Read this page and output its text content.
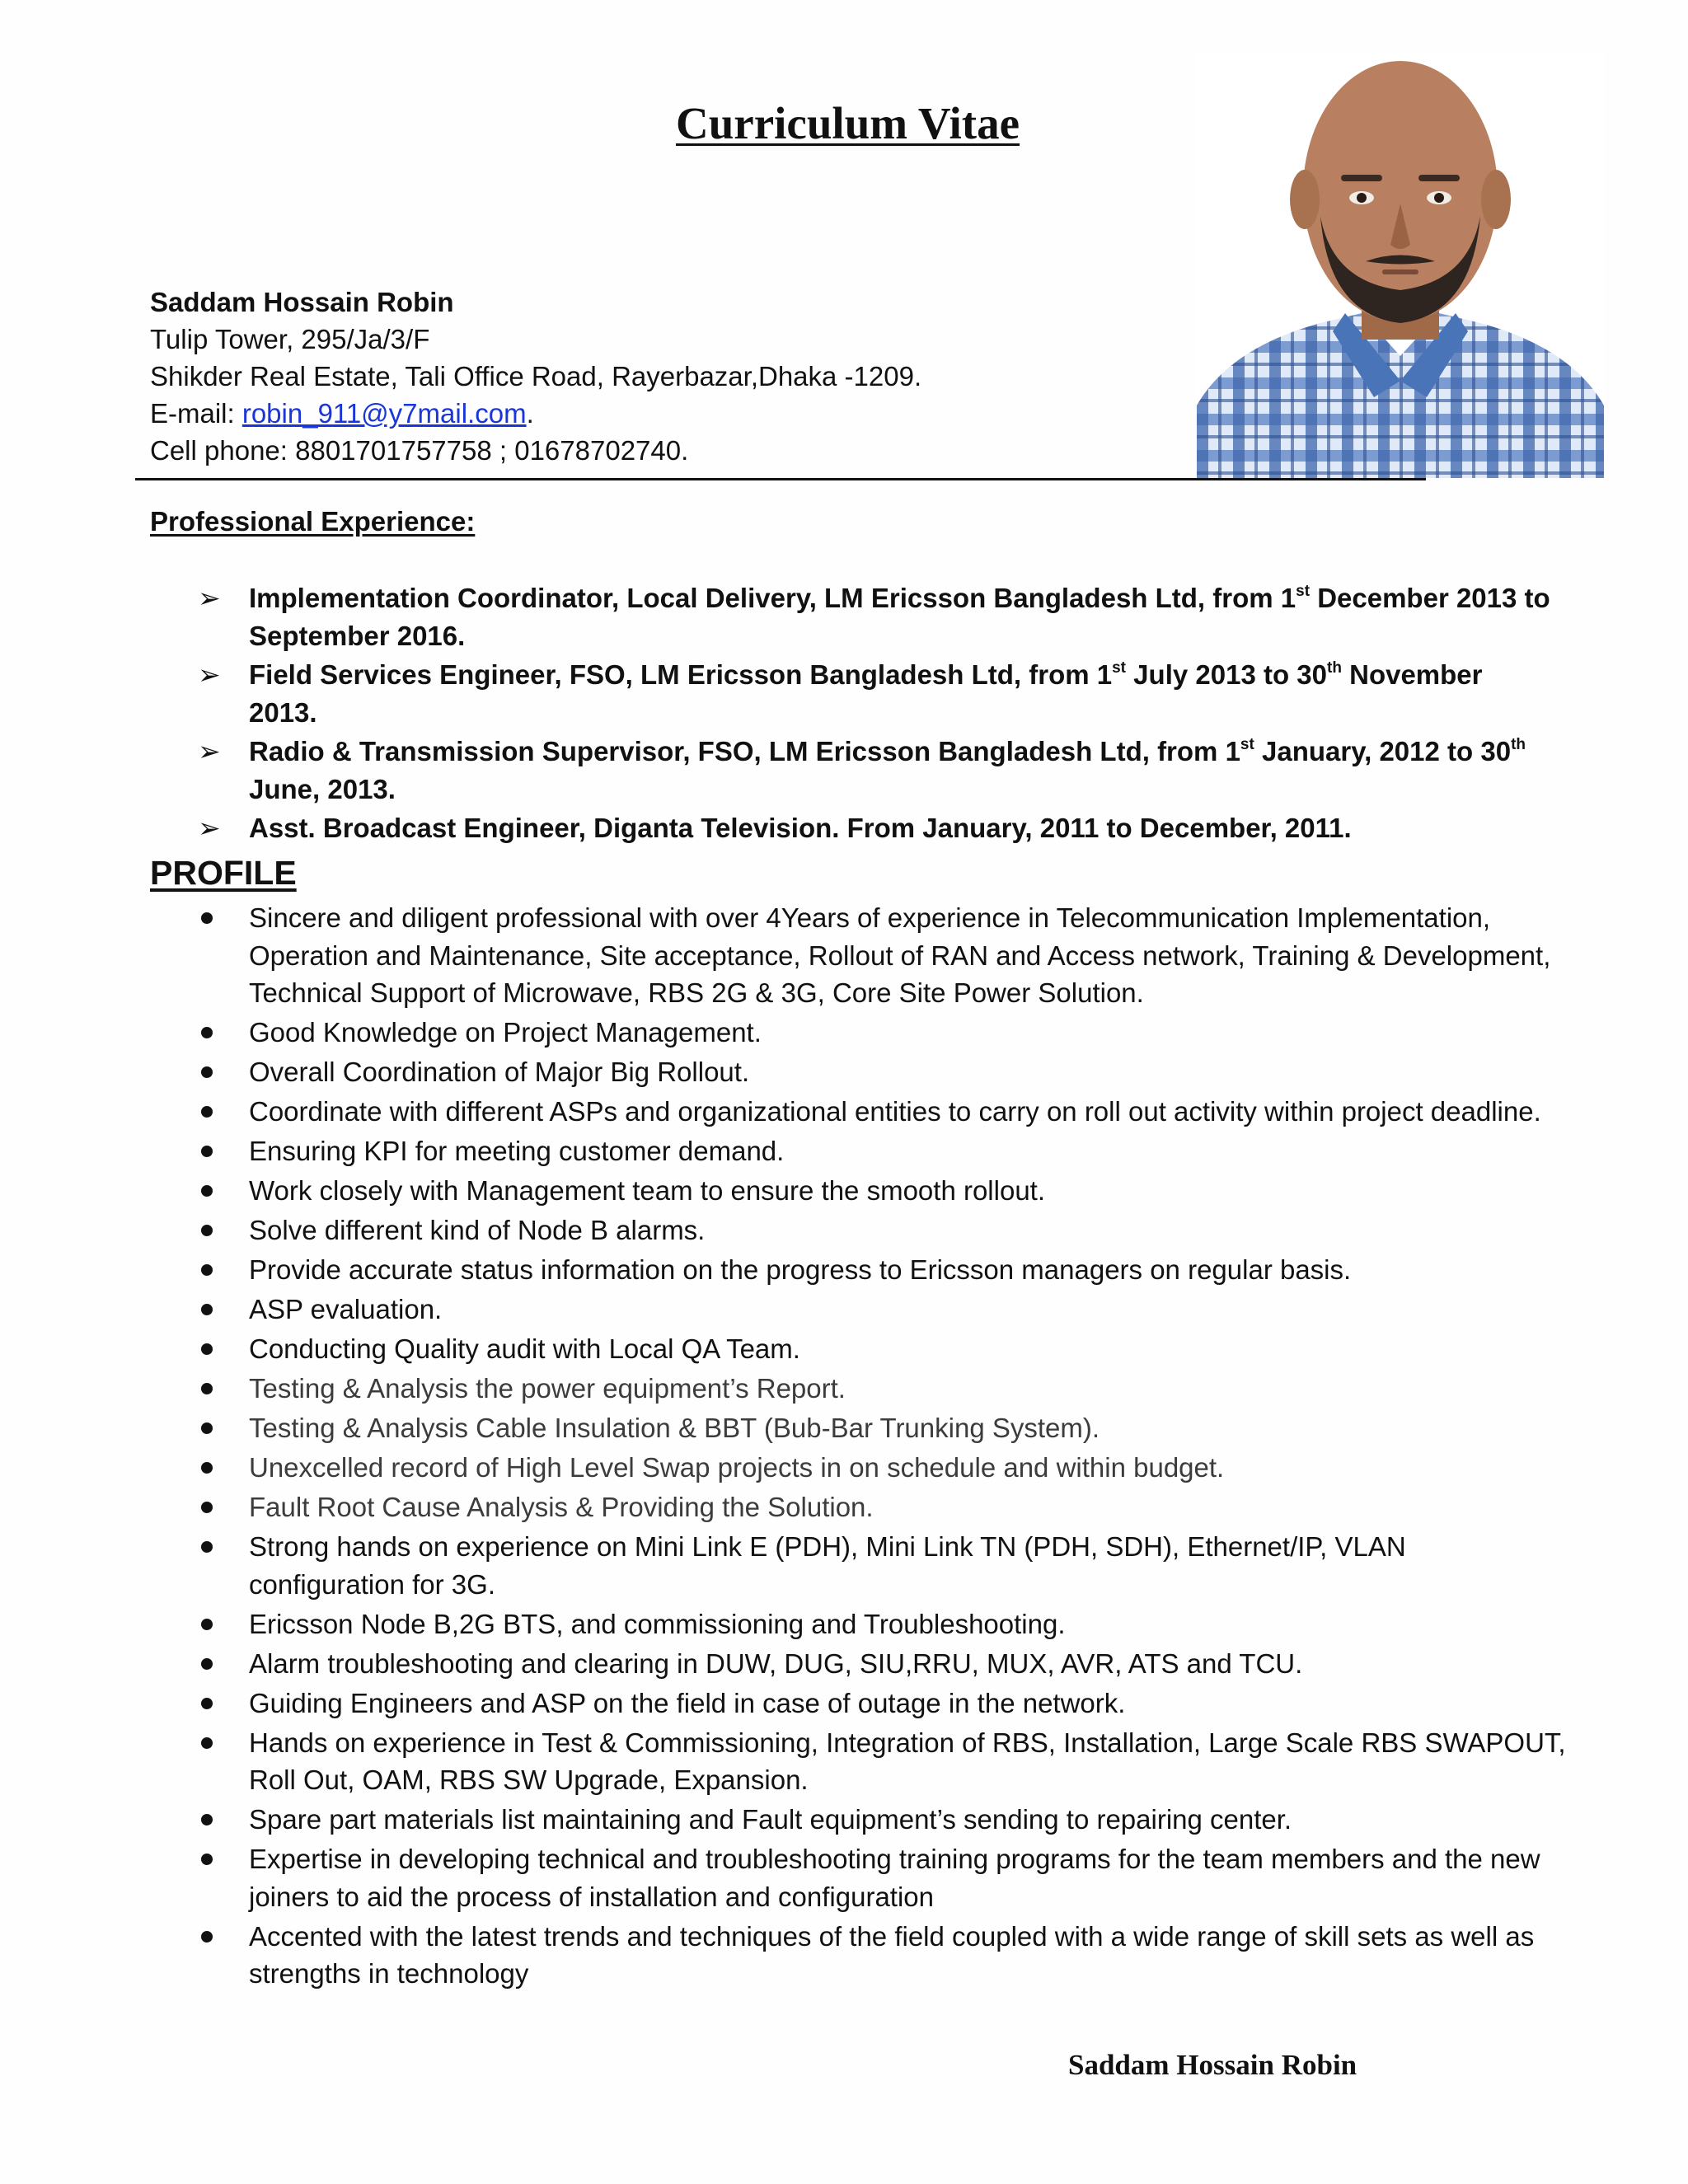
Curriculum Vitae
Saddam Hossain Robin
Tulip Tower, 295/Ja/3/F
Shikder Real Estate, Tali Office Road, Rayerbazar,Dhaka -1209.
E-mail: robin_911@y7mail.com.
Cell phone: 8801701757758 ; 01678702740.
Professional Experience:
➢ Implementation Coordinator, Local Delivery, LM Ericsson Bangladesh Ltd, from 1st December 2013 to September 2016.
➢ Field Services Engineer, FSO, LM Ericsson Bangladesh Ltd, from 1st July 2013 to 30th November 2013.
➢ Radio & Transmission Supervisor, FSO, LM Ericsson Bangladesh Ltd, from 1st January, 2012 to 30th June, 2013.
➢ Asst. Broadcast Engineer, Diganta Television. From January, 2011 to December, 2011.
PROFILE
Sincere and diligent professional with over 4Years of experience in Telecommunication Implementation, Operation and Maintenance, Site acceptance, Rollout of RAN and Access network, Training & Development, Technical Support of Microwave, RBS 2G & 3G, Core Site Power Solution.
Good Knowledge on Project Management.
Overall Coordination of Major Big Rollout.
Coordinate with different ASPs and organizational entities to carry on roll out activity within project deadline.
Ensuring KPI for meeting customer demand.
Work closely with Management team to ensure the smooth rollout.
Solve different kind of Node B alarms.
Provide accurate status information on the progress to Ericsson managers on regular basis.
ASP evaluation.
Conducting Quality audit with Local QA Team.
Testing & Analysis the power equipment’s Report.
Testing & Analysis Cable Insulation & BBT (Bub-Bar Trunking System).
Unexcelled record of High Level Swap projects in on schedule and within budget.
Fault Root Cause Analysis & Providing the Solution.
Strong hands on experience on Mini Link E (PDH), Mini Link TN (PDH, SDH), Ethernet/IP, VLAN configuration for 3G.
Ericsson Node B,2G BTS, and commissioning and Troubleshooting.
Alarm troubleshooting and clearing in DUW, DUG, SIU,RRU, MUX, AVR, ATS and TCU.
Guiding Engineers and ASP on the field in case of outage in the network.
Hands on experience in Test & Commissioning, Integration of RBS, Installation, Large Scale RBS SWAPOUT, Roll Out, OAM, RBS SW Upgrade, Expansion.
Spare part materials list maintaining and Fault equipment’s sending to repairing center.
Expertise in developing technical and troubleshooting training programs for the team members and the new joiners to aid the process of installation and configuration
Accented with the latest trends and techniques of the field coupled with a wide range of skill sets as well as strengths in technology
Saddam Hossain Robin
